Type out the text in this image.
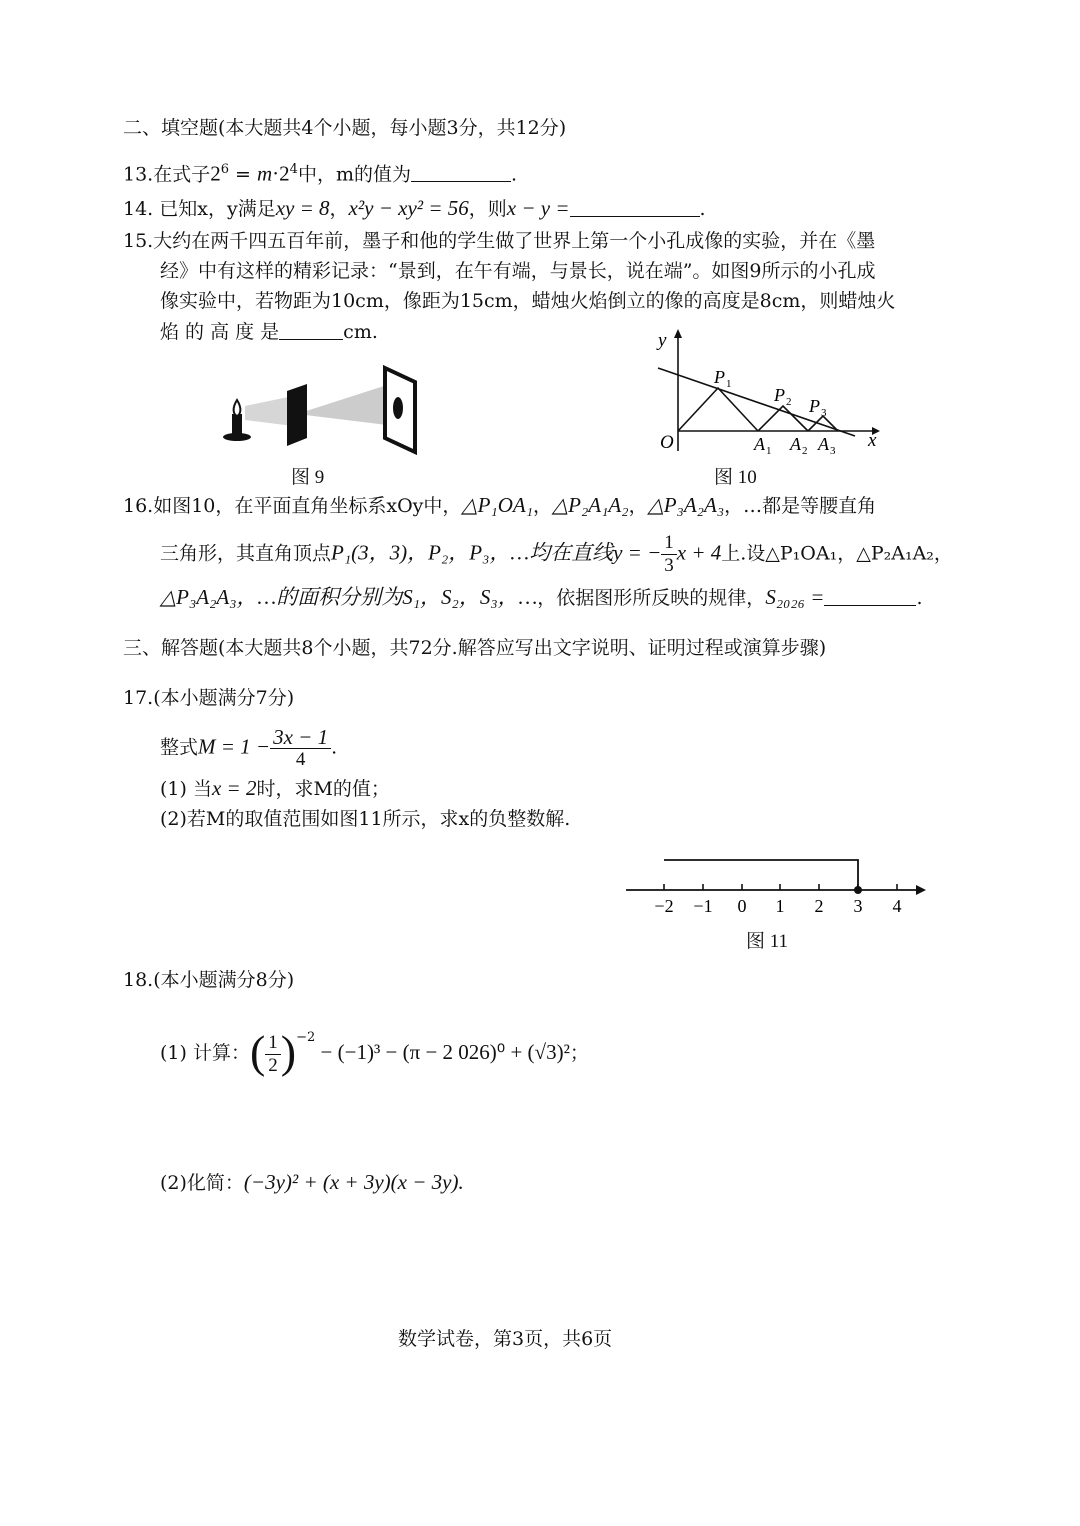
二、填空题(本大题共4个小题，每小题3分，共12分)
13.在式子$2^6 = m\cdot 2^4$中，m的值为	.
14. 已知x，y满足xy = 8，x²y − xy² = 56，则x − y =	.
15.大约在两千四五百年前，墨子和他的学生做了世界上第一个小孔成像的实验，并在《墨
经》中有这样的精彩记录：“景到，在午有端，与景长，说在端”。如图9所示的小孔成
像实验中，若物距为10cm，像距为15cm，蜡烛火焰倒立的像的高度是8cm，则蜡烛火
焰 的 高 度 是	cm.
图 9
y
x
O
P 1
P 2 P 3
A 1 A 2 A 3
图 10
16.如图10，在平面直角坐标系xOy中，△P₁OA₁，△P₂A₁A₂，△P₃A₂A₃，…都是等腰直角
三角形，其直角顶点P₁(3，3)，P₂，P₃，…均在直线y = − $\frac{1}{3}$ x + 4上.设△P₁OA₁，△P₂A₁A₂，
△P₃A₂A₃，…的面积分别为S₁，S₂，S₃，…，依据图形所反映的规律，S₂₀₂₆ =	.
三、解答题(本大题共8个小题，共72分.解答应写出文字说明、证明过程或演算步骤)
17.(本小题满分7分)
整式$M = 1 - \frac{3x - 1}{4}$ .
(1) 当x = 2时，求M的值；
(2)若M的取值范围如图11所示，求x的负整数解.
−2 −1 0 1 2 3 4
图 11
18.(本小题满分8分)
(1) 计算：( $\frac{1}{2} )^{-2} - (-1)^3 - (\pi - 2$ 026)⁰ + (√3)²；
(2)化简：(−3y)² + (x + 3y)(x − 3y).
数学试卷，第3页，共6页
